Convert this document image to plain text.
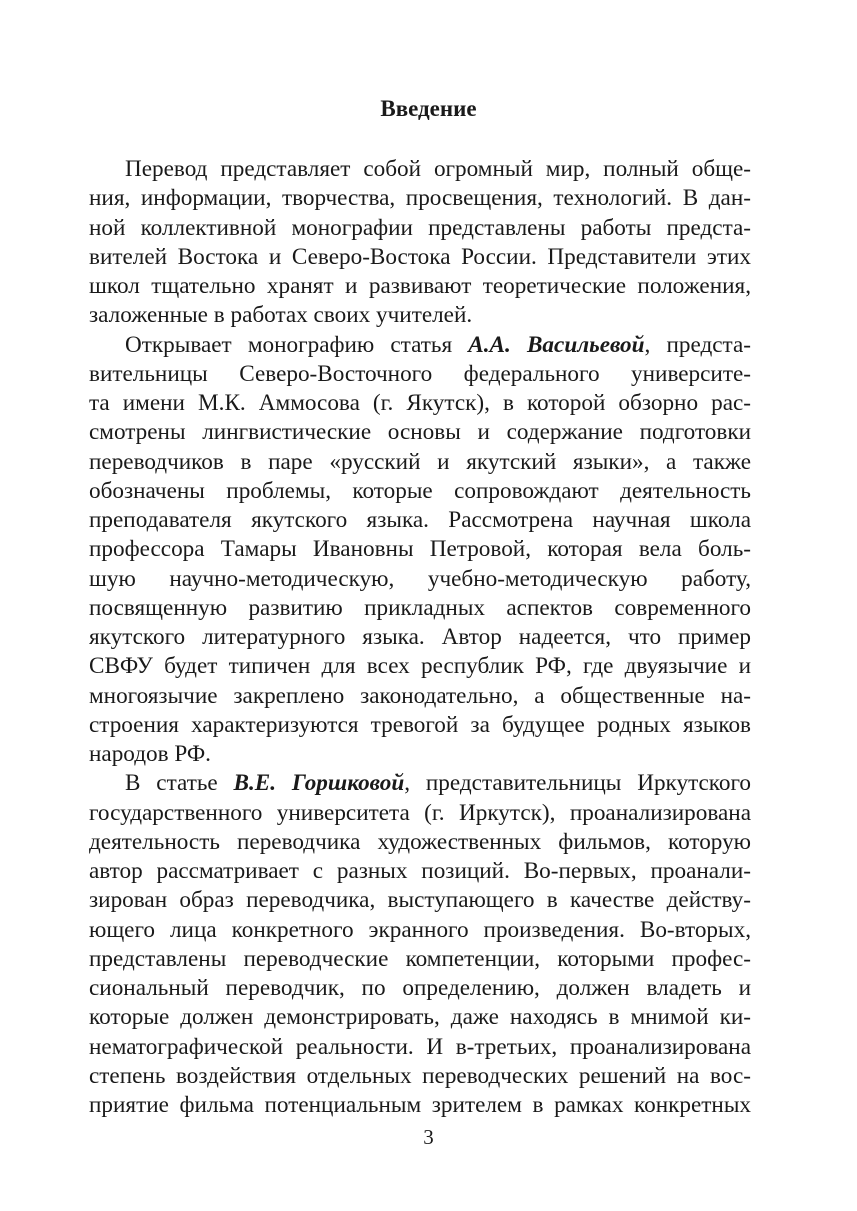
Введение
Перевод представляет собой огромный мир, полный обще-
ния, информации, творчества, просвещения, технологий. В дан-
ной коллективной монографии представлены работы предста-
вителей Востока и Северо-Востока России. Представители этих
школ тщательно хранят и развивают теоретические положения,
заложенные в работах своих учителей.
Открывает монографию статья А.А. Васильевой, предста-
вительницы Северо-Восточного федерального университе-
та имени М.К. Аммосова (г. Якутск), в которой обзорно рас-
смотрены лингвистические основы и содержание подготовки
переводчиков в паре «русский и якутский языки», а также
обозначены проблемы, которые сопровождают деятельность
преподавателя якутского языка. Рассмотрена научная школа
профессора Тамары Ивановны Петровой, которая вела боль-
шую научно-методическую, учебно-методическую работу,
посвященную развитию прикладных аспектов современного
якутского литературного языка. Автор надеется, что пример
СВФУ будет типичен для всех республик РФ, где двуязычие и
многоязычие закреплено законодательно, а общественные на-
строения характеризуются тревогой за будущее родных языков
народов РФ.
В статье В.Е. Горшковой, представительницы Иркутского
государственного университета (г. Иркутск), проанализирована
деятельность переводчика художественных фильмов, которую
автор рассматривает с разных позиций. Во-первых, проанали-
зирован образ переводчика, выступающего в качестве действу-
ющего лица конкретного экранного произведения. Во-вторых,
представлены переводческие компетенции, которыми профес-
сиональный переводчик, по определению, должен владеть и
которые должен демонстрировать, даже находясь в мнимой ки-
нематографической реальности. И в-третьих, проанализирована
степень воздействия отдельных переводческих решений на вос-
приятие фильма потенциальным зрителем в рамках конкретных
3
